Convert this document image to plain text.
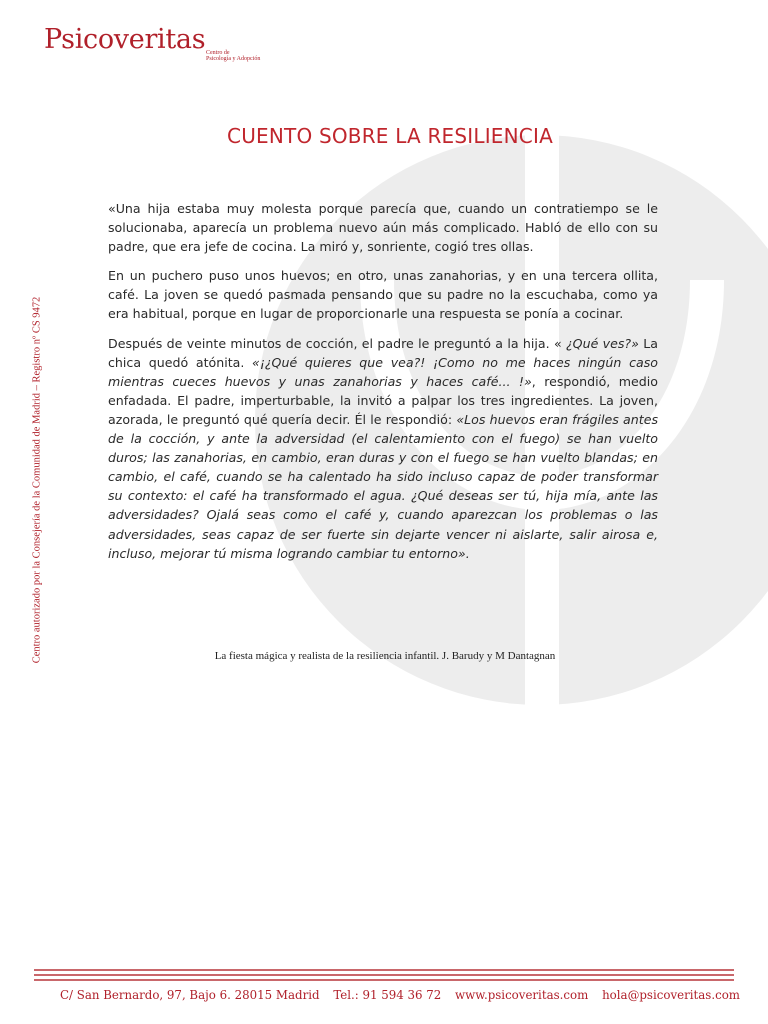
Psicoveritas Centro de
Psicología y Adopción
Centro autorizado por la Consejería de la Comunidad de Madrid – Registro nº CS 9472
CUENTO SOBRE LA RESILIENCIA

«Una hija estaba muy molesta porque parecía que, cuando un contratiempo se le solucionaba, aparecía un problema nuevo aún más complicado. Habló de ello con su padre, que era jefe de cocina. La miró y, sonriente, cogió tres ollas.

En un puchero puso unos huevos; en otro, unas zanahorias, y en una tercera ollita, café. La joven se quedó pasmada pensando que su padre no la escuchaba, como ya era habitual, porque en lugar de proporcionarle una respuesta se ponía a cocinar.

Después de veinte minutos de cocción, el padre le preguntó a la hija. « ¿Qué ves?» La chica quedó atónita. «¡¿Qué quieres que vea?! ¡Como no me haces ningún caso mientras cueces huevos y unas zanahorias y haces café... !», respondió, medio enfadada. El padre, imperturbable, la invitó a palpar los tres ingredientes. La joven, azorada, le preguntó qué quería decir. Él le respondió: «Los huevos eran frágiles antes de la cocción, y ante la adversidad (el calentamiento con el fuego) se han vuelto duros; las zanahorias, en cambio, eran duras y con el fuego se han vuelto blandas; en cambio, el café, cuando se ha calentado ha sido incluso capaz de poder transformar su contexto: el café ha transformado el agua. ¿Qué deseas ser tú, hija mía, ante las adversidades? Ojalá seas como el café y, cuando aparezcan los problemas o las adversidades, seas capaz de ser fuerte sin dejarte vencer ni aislarte, salir airosa e, incluso, mejorar tú misma logrando cambiar tu entorno».

La fiesta mágica y realista de la resiliencia infantil. J. Barudy y M Dantagnan
C/ San Bernardo, 97, Bajo 6. 28015 Madrid Tel.: 91 594 36 72 www.psicoveritas.com hola@psicoveritas.com
